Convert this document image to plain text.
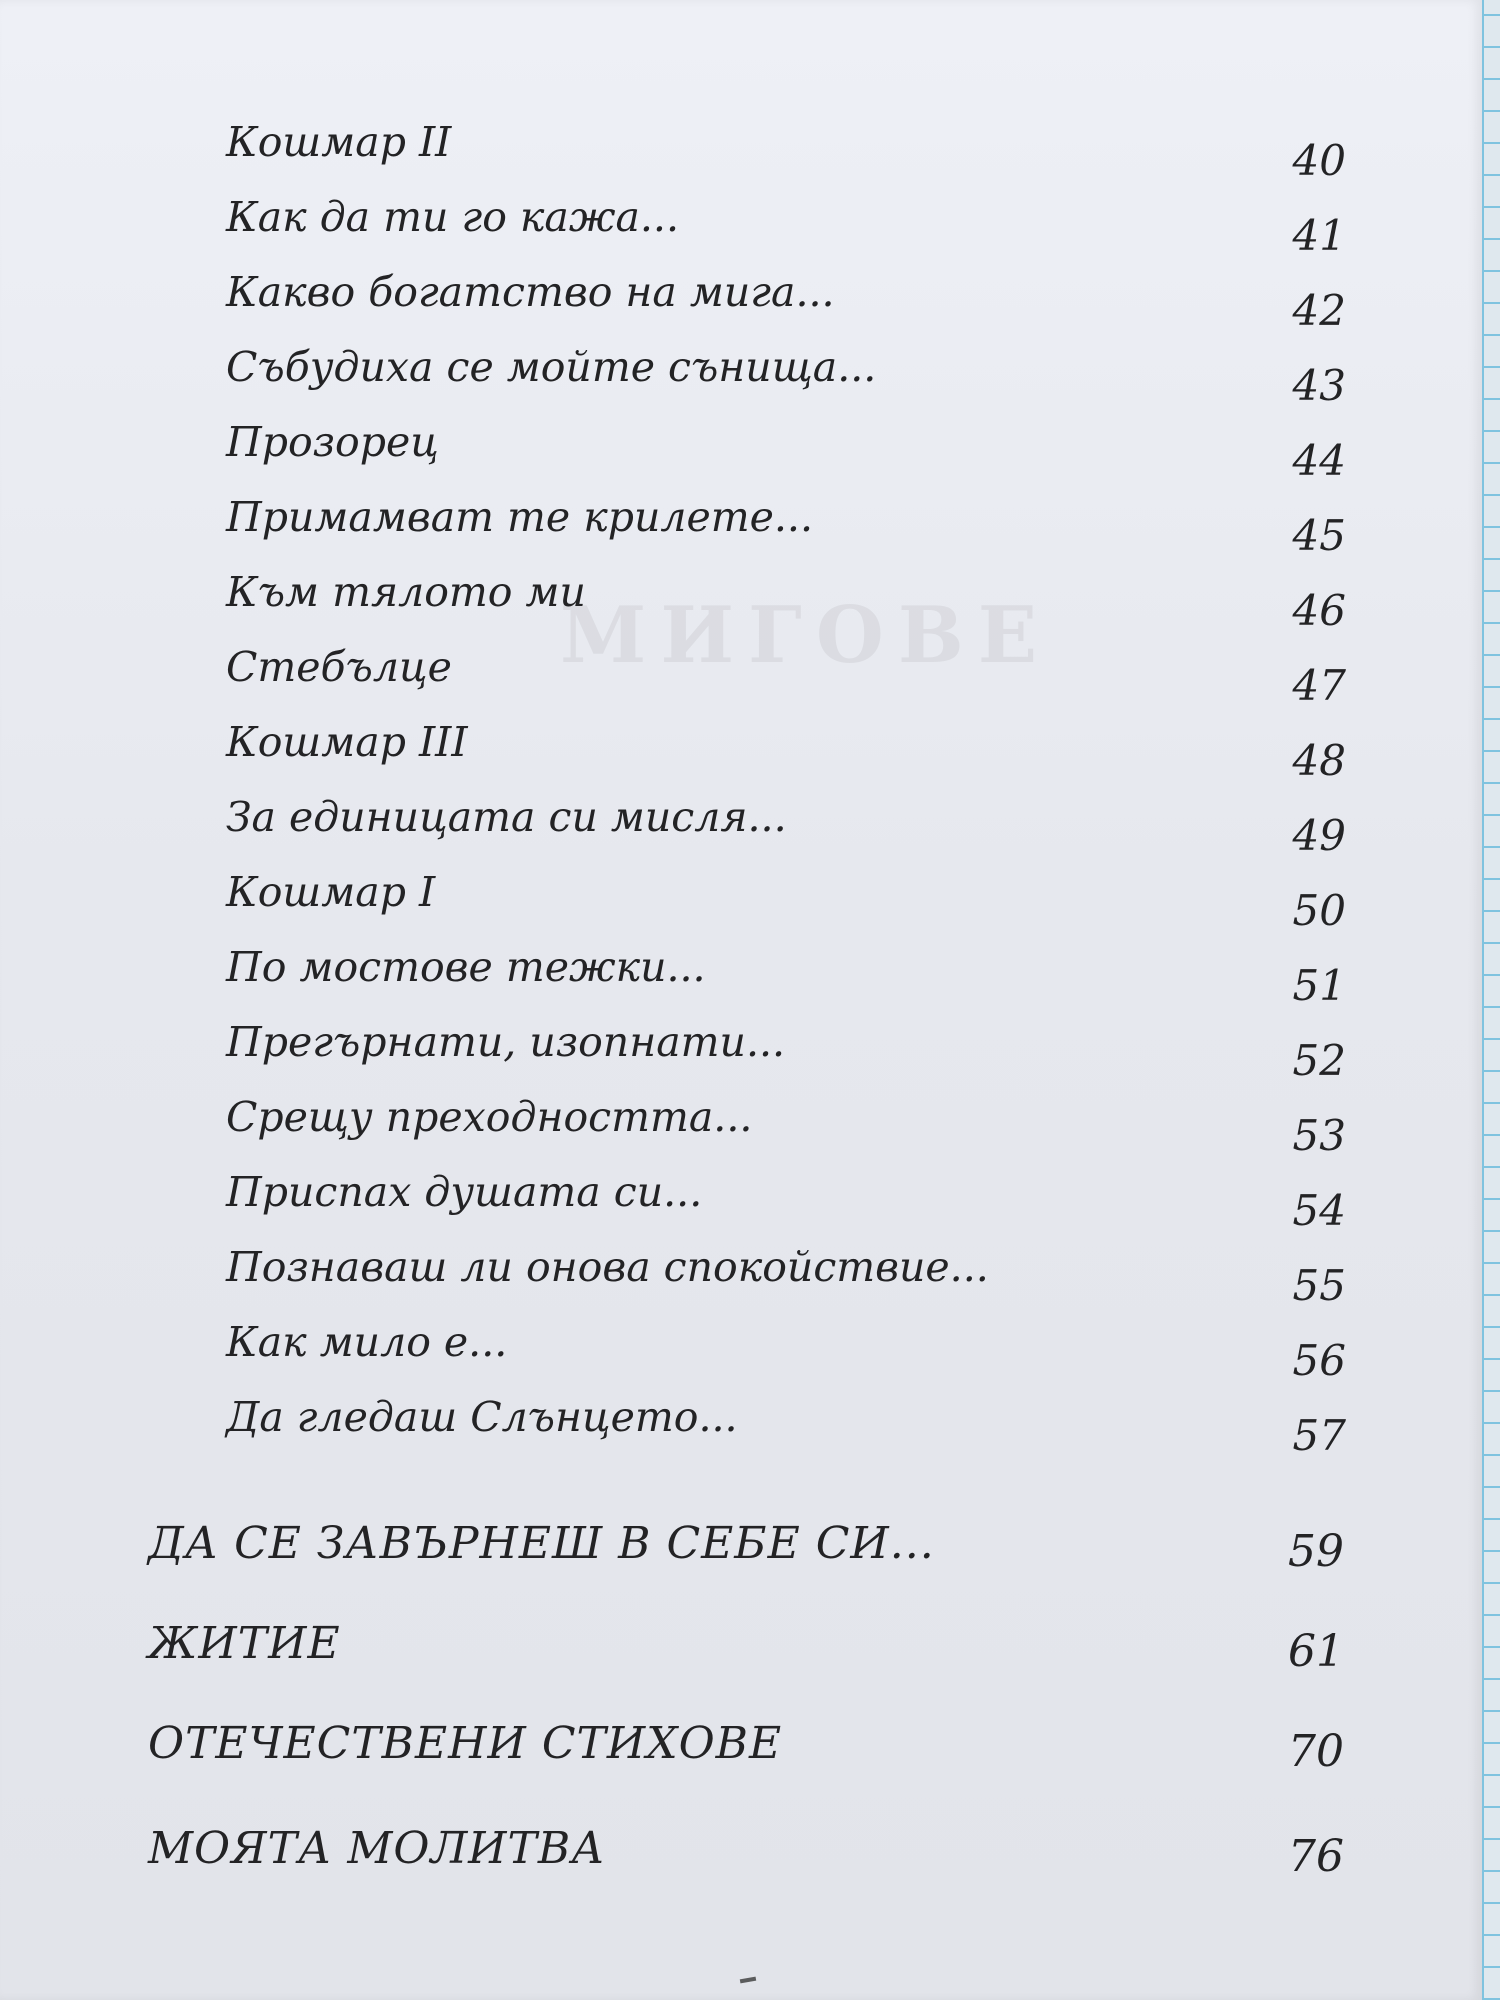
МИГОВЕ
Кошмар II	40
Как да ти го кажа...	41
Какво богатство на мига...	42
Събудиха се мойте сънища...	43
Прозорец	44
Примамват те крилете...	45
Към тялото ми	46
Стебълце	47
Кошмар III	48
За единицата си мисля...	49
Кошмар I	50
По мостове тежки...	51
Прегърнати, изопнати...	52
Срещу преходността...	53
Приспах душата си...	54
Познаваш ли онова спокойствие...	55
Как мило е...	56
Да гледаш Слънцето...	57
ДА СЕ ЗАВЪРНЕШ В СЕБЕ СИ...	59
ЖИТИЕ	61
ОТЕЧЕСТВЕНИ СТИХОВЕ	70
МОЯТА МОЛИТВА	76
